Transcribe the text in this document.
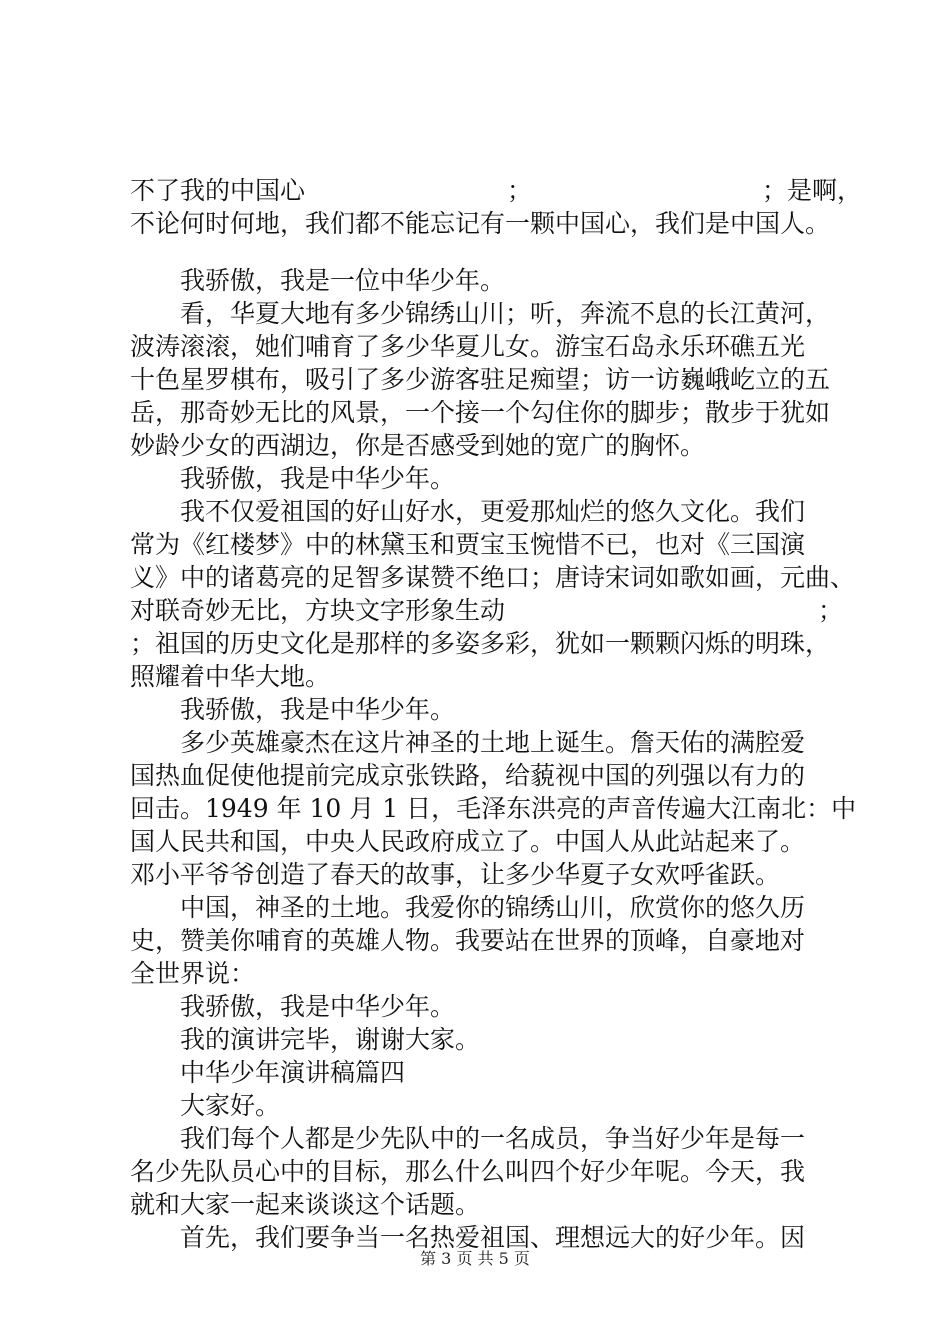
不了我的中国心	；	；是啊，
不论何时何地，我们都不能忘记有一颗中国心，我们是中国人。
我骄傲，我是一位中华少年。
看，华夏大地有多少锦绣山川；听，奔流不息的长江黄河，
波涛滚滚，她们哺育了多少华夏儿女。游宝石岛永乐环礁五光
十色星罗棋布，吸引了多少游客驻足痴望；访一访巍峨屹立的五
岳，那奇妙无比的风景，一个接一个勾住你的脚步；散步于犹如
妙龄少女的西湖边，你是否感受到她的宽广的胸怀。
我骄傲，我是中华少年。
我不仅爱祖国的好山好水，更爱那灿烂的悠久文化。我们
常为《红楼梦》中的林黛玉和贾宝玉惋惜不已，也对《三国演
义》中的诸葛亮的足智多谋赞不绝口；唐诗宋词如歌如画，元曲、
对联奇妙无比，方块文字形象生动	；
；祖国的历史文化是那样的多姿多彩，犹如一颗颗闪烁的明珠，
照耀着中华大地。
我骄傲，我是中华少年。
多少英雄豪杰在这片神圣的土地上诞生。詹天佑的满腔爱
国热血促使他提前完成京张铁路，给藐视中国的列强以有力的
回击。1949 年 10 月 1 日，毛泽东洪亮的声音传遍大江南北：中
国人民共和国，中央人民政府成立了。中国人从此站起来了。
邓小平爷爷创造了春天的故事，让多少华夏子女欢呼雀跃。
中国，神圣的土地。我爱你的锦绣山川，欣赏你的悠久历
史，赞美你哺育的英雄人物。我要站在世界的顶峰，自豪地对
全世界说：
我骄傲，我是中华少年。
我的演讲完毕，谢谢大家。
中华少年演讲稿篇四
大家好。
我们每个人都是少先队中的一名成员，争当好少年是每一
名少先队员心中的目标，那么什么叫四个好少年呢。今天，我
就和大家一起来谈谈这个话题。
首先，我们要争当一名热爱祖国、理想远大的好少年。因
第 3 页 共 5 页
